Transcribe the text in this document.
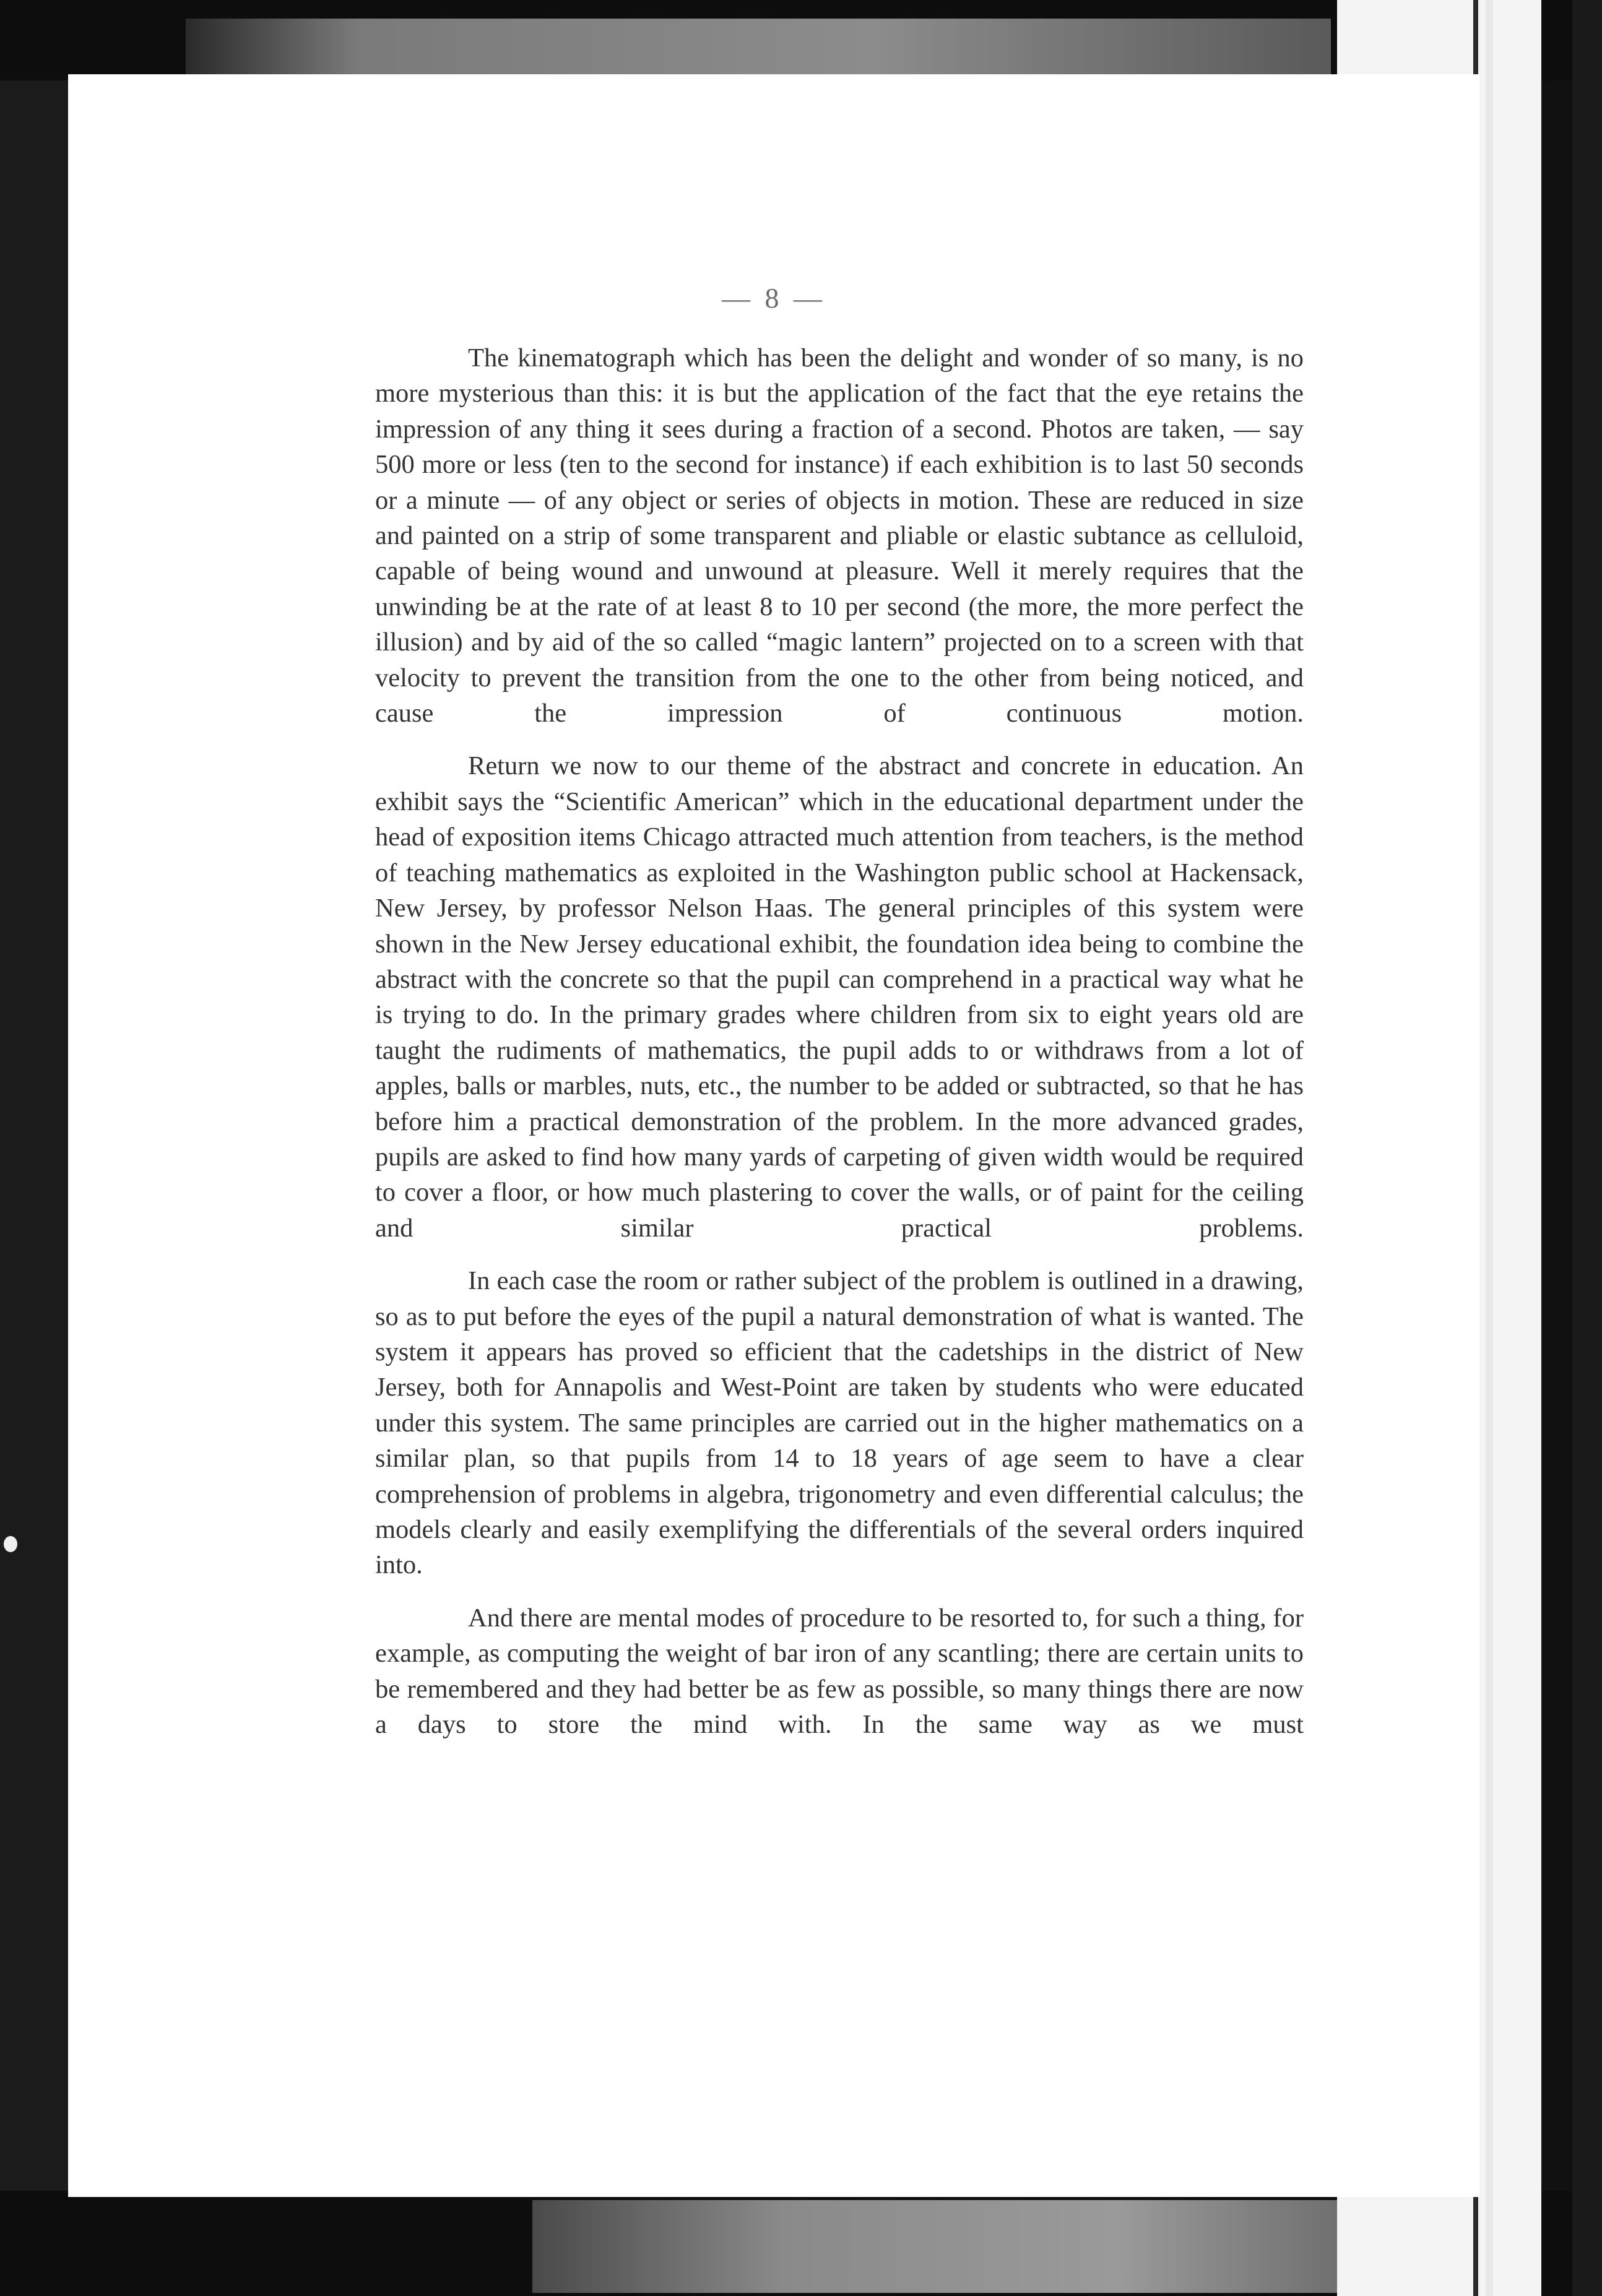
— 8 —

The kinematograph which has been the delight and wonder of so many, is no more mysterious than this: it is but the application of the fact that the eye retains the impression of any thing it sees during a fraction of a second. Photos are taken, — say 500 more or less (ten to the second for instance) if each exhibition is to last 50 seconds or a minute — of any object or series of objects in motion. These are reduced in size and painted on a strip of some transparent and pliable or elastic subtance as celluloid, capable of being wound and unwound at pleasure. Well it merely requires that the unwinding be at the rate of at least 8 to 10 per second (the more, the more perfect the illusion) and by aid of the so called “magic lantern” projected on to a screen with that velocity to prevent the transition from the one to the other from being noticed, and cause the impression of continuous motion.

Return we now to our theme of the abstract and concrete in education. An exhibit says the “Scientific American” which in the educational department under the head of exposition items Chicago attracted much attention from teachers, is the method of teaching mathematics as exploited in the Washington public school at Hackensack, New Jersey, by professor Nelson Haas. The general principles of this system were shown in the New Jersey educational exhibit, the foundation idea being to combine the abstract with the concrete so that the pupil can comprehend in a practical way what he is trying to do. In the primary grades where children from six to eight years old are taught the rudiments of mathematics, the pupil adds to or withdraws from a lot of apples, balls or marbles, nuts, etc., the number to be added or subtracted, so that he has before him a practical demonstration of the problem. In the more advanced grades, pupils are asked to find how many yards of carpeting of given width would be required to cover a floor, or how much plastering to cover the walls, or of paint for the ceiling and similar practical problems.

In each case the room or rather subject of the problem is outlined in a drawing, so as to put before the eyes of the pupil a natural demonstration of what is wanted. The system it appears has proved so efficient that the cadetships in the district of New Jersey, both for Annapolis and West-Point are taken by students who were educated under this system. The same principles are carried out in the higher mathematics on a similar plan, so that pupils from 14 to 18 years of age seem to have a clear comprehension of problems in algebra, trigonometry and even differential calculus; the models clearly and easily exemplifying the differentials of the several orders inquired into.

And there are mental modes of procedure to be resorted to, for such a thing, for example, as computing the weight of bar iron of any scantling; there are certain units to be remembered and they had better be as few as possible, so many things there are now a days to store the mind with. In the same way as we must
